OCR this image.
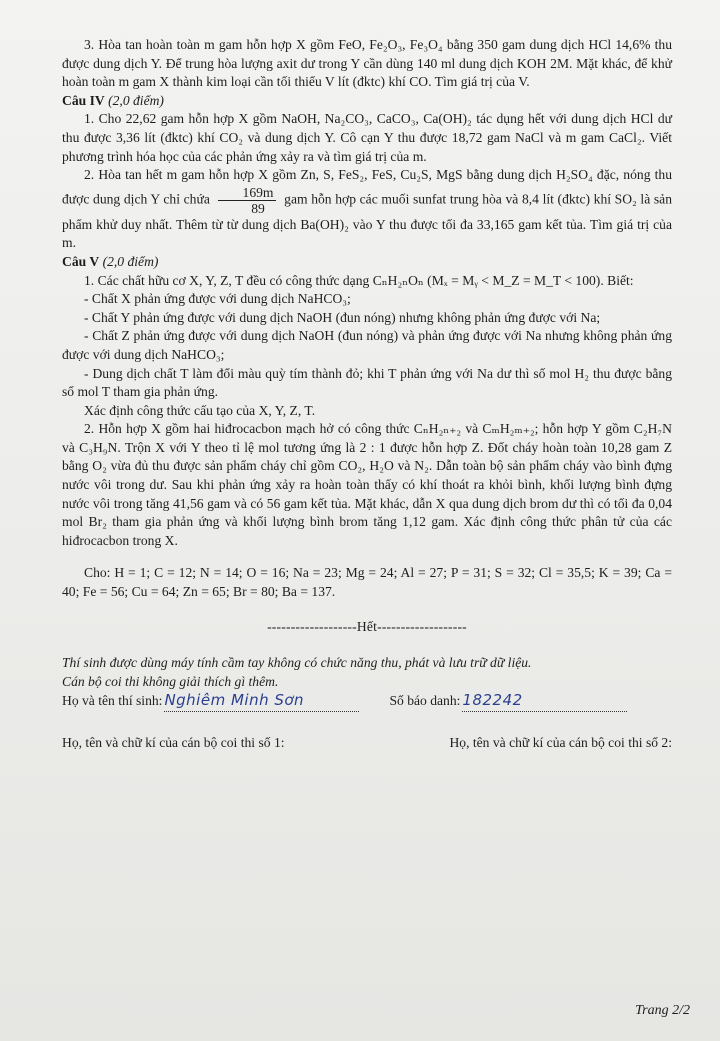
3. Hòa tan hoàn toàn m gam hỗn hợp X gồm FeO, Fe₂O₃, Fe₃O₄ bằng 350 gam dung dịch HCl 14,6% thu được dung dịch Y. Để trung hòa lượng axit dư trong Y cần dùng 140 ml dung dịch KOH 2M. Mặt khác, để khử hoàn toàn m gam X thành kim loại cần tối thiểu V lít (đktc) khí CO. Tìm giá trị của V.

Câu IV (2,0 điểm)

1. Cho 22,62 gam hỗn hợp X gồm NaOH, Na₂CO₃, CaCO₃, Ca(OH)₂ tác dụng hết với dung dịch HCl dư thu được 3,36 lít (đktc) khí CO₂ và dung dịch Y. Cô cạn Y thu được 18,72 gam NaCl và m gam CaCl₂. Viết phương trình hóa học của các phản ứng xảy ra và tìm giá trị của m.

2. Hòa tan hết m gam hỗn hợp X gồm Zn, S, FeS₂, FeS, Cu₂S, MgS bằng dung dịch H₂SO₄ đặc, nóng thu được dung dịch Y chỉ chứa $\frac{169m}{89}$ gam hỗn hợp các muối sunfat trung hòa và 8,4 lít (đktc) khí SO₂ là sản phẩm khử duy nhất. Thêm từ từ dung dịch Ba(OH)₂ vào Y thu được tối đa 33,165 gam kết tủa. Tìm giá trị của m.

Câu V (2,0 điểm)

1. Các chất hữu cơ X, Y, Z, T đều có công thức dạng CₙH₂ₙOₙ (Mₓ = Mᵧ < M_Z = M_T < 100). Biết:

- Chất X phản ứng được với dung dịch NaHCO₃;

- Chất Y phản ứng được với dung dịch NaOH (đun nóng) nhưng không phản ứng được với Na;

- Chất Z phản ứng được với dung dịch NaOH (đun nóng) và phản ứng được với Na nhưng không phản ứng được với dung dịch NaHCO₃;

- Dung dịch chất T làm đổi màu quỳ tím thành đỏ; khi T phản ứng với Na dư thì số mol H₂ thu được bằng số mol T tham gia phản ứng.

Xác định công thức cấu tạo của X, Y, Z, T.

2. Hỗn hợp X gồm hai hiđrocacbon mạch hở có công thức CₙH₂ₙ₊₂ và CₘH₂ₘ₊₂; hỗn hợp Y gồm C₂H₇N và C₃H₉N. Trộn X với Y theo tỉ lệ mol tương ứng là 2 : 1 được hỗn hợp Z. Đốt cháy hoàn toàn 10,28 gam Z bằng O₂ vừa đủ thu được sản phẩm cháy chỉ gồm CO₂, H₂O và N₂. Dẫn toàn bộ sản phẩm cháy vào bình đựng nước vôi trong dư. Sau khi phản ứng xảy ra hoàn toàn thấy có khí thoát ra khỏi bình, khối lượng bình đựng nước vôi trong tăng 41,56 gam và có 56 gam kết tủa. Mặt khác, dẫn X qua dung dịch brom dư thì có tối đa 0,04 mol Br₂ tham gia phản ứng và khối lượng bình brom tăng 1,12 gam. Xác định công thức phân tử của các hiđrocacbon trong X.

Cho: H = 1; C = 12; N = 14; O = 16; Na = 23; Mg = 24; Al = 27; P = 31; S = 32; Cl = 35,5; K = 39; Ca = 40; Fe = 56; Cu = 64; Zn = 65; Br = 80; Ba = 137.

-------------------Hết-------------------

Thí sinh được dùng máy tính cầm tay không có chức năng thu, phát và lưu trữ dữ liệu.

Cán bộ coi thi không giải thích gì thêm.

Họ và tên thí sinh: Nghiêm Minh Sơn	Số báo danh: 182242
Họ, tên và chữ kí của cán bộ coi thi số 1:	Họ, tên và chữ kí của cán bộ coi thi số 2:
Trang 2/2
